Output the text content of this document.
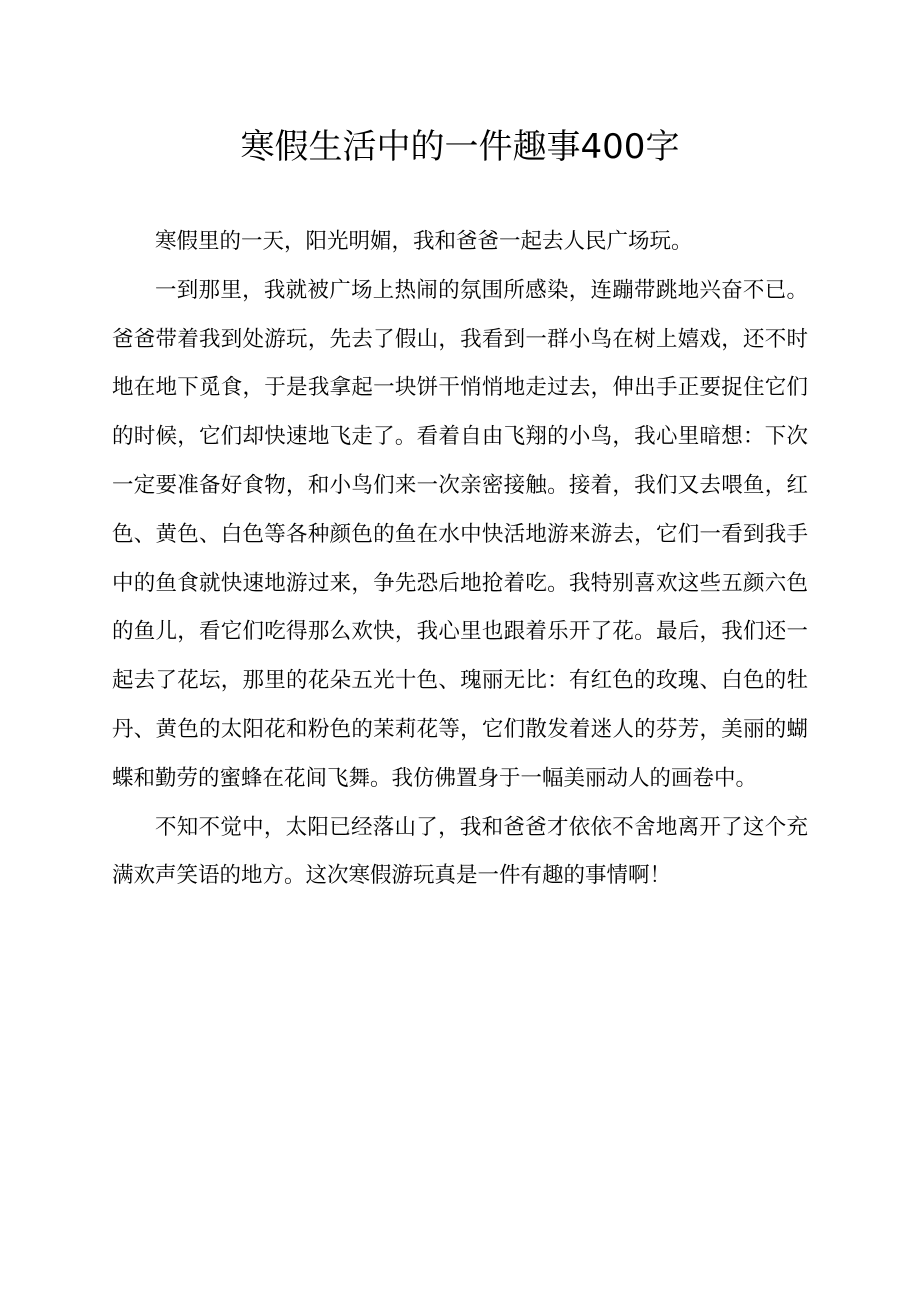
寒假生活中的一件趣事400字

寒假里的一天，阳光明媚，我和爸爸一起去人民广场玩。

一到那里，我就被广场上热闹的氛围所感染，连蹦带跳地兴奋不已。爸爸带着我到处游玩，先去了假山，我看到一群小鸟在树上嬉戏，还不时地在地下觅食，于是我拿起一块饼干悄悄地走过去，伸出手正要捉住它们的时候，它们却快速地飞走了。看着自由飞翔的小鸟，我心里暗想：下次一定要准备好食物，和小鸟们来一次亲密接触。接着，我们又去喂鱼，红色、黄色、白色等各种颜色的鱼在水中快活地游来游去，它们一看到我手中的鱼食就快速地游过来，争先恐后地抢着吃。我特别喜欢这些五颜六色的鱼儿，看它们吃得那么欢快，我心里也跟着乐开了花。最后，我们还一起去了花坛，那里的花朵五光十色、瑰丽无比：有红色的玫瑰、白色的牡丹、黄色的太阳花和粉色的茉莉花等，它们散发着迷人的芬芳，美丽的蝴蝶和勤劳的蜜蜂在花间飞舞。我仿佛置身于一幅美丽动人的画卷中。

不知不觉中，太阳已经落山了，我和爸爸才依依不舍地离开了这个充满欢声笑语的地方。这次寒假游玩真是一件有趣的事情啊！
